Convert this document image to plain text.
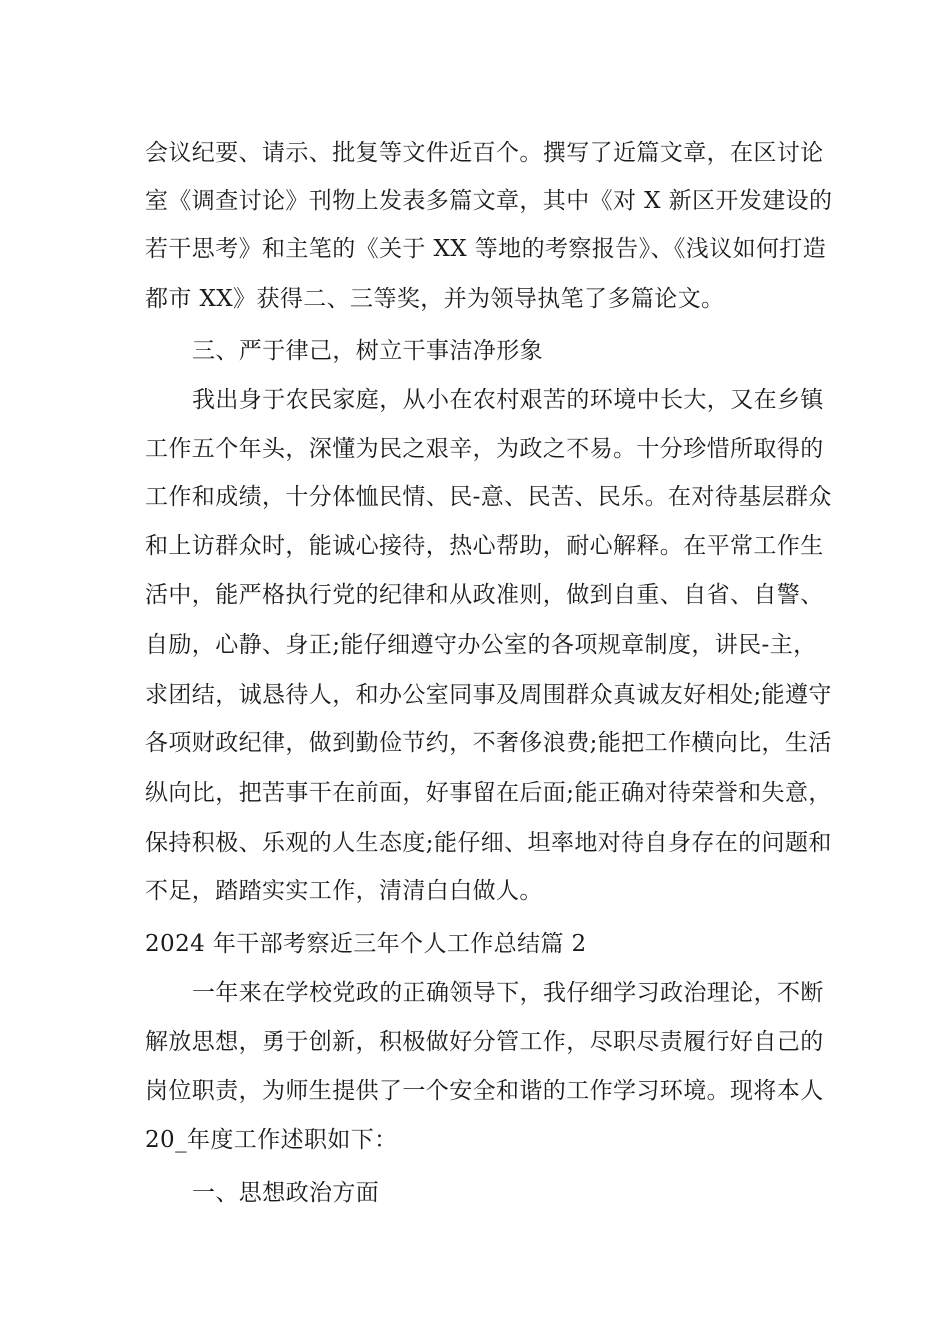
会议纪要、请示、批复等文件近百个。撰写了近篇文章，在区讨论
室《调查讨论》刊物上发表多篇文章，其中《对 X 新区开发建设的
若干思考》和主笔的《关于 XX 等地的考察报告》、《浅议如何打造
都市 XX》获得二、三等奖，并为领导执笔了多篇论文。
三、严于律己，树立干事洁净形象
我出身于农民家庭，从小在农村艰苦的环境中长大，又在乡镇
工作五个年头，深懂为民之艰辛，为政之不易。十分珍惜所取得的
工作和成绩，十分体恤民情、民-意、民苦、民乐。在对待基层群众
和上访群众时，能诚心接待，热心帮助，耐心解释。在平常工作生
活中，能严格执行党的纪律和从政准则，做到自重、自省、自警、
自励，心静、身正;能仔细遵守办公室的各项规章制度，讲民-主，
求团结，诚恳待人，和办公室同事及周围群众真诚友好相处;能遵守
各项财政纪律，做到勤俭节约，不奢侈浪费;能把工作横向比，生活
纵向比，把苦事干在前面，好事留在后面;能正确对待荣誉和失意，
保持积极、乐观的人生态度;能仔细、坦率地对待自身存在的问题和
不足，踏踏实实工作，清清白白做人。
2024 年干部考察近三年个人工作总结篇 2
一年来在学校党政的正确领导下，我仔细学习政治理论，不断
解放思想，勇于创新，积极做好分管工作，尽职尽责履行好自己的
岗位职责，为师生提供了一个安全和谐的工作学习环境。现将本人
20_年度工作述职如下：
一、思想政治方面
